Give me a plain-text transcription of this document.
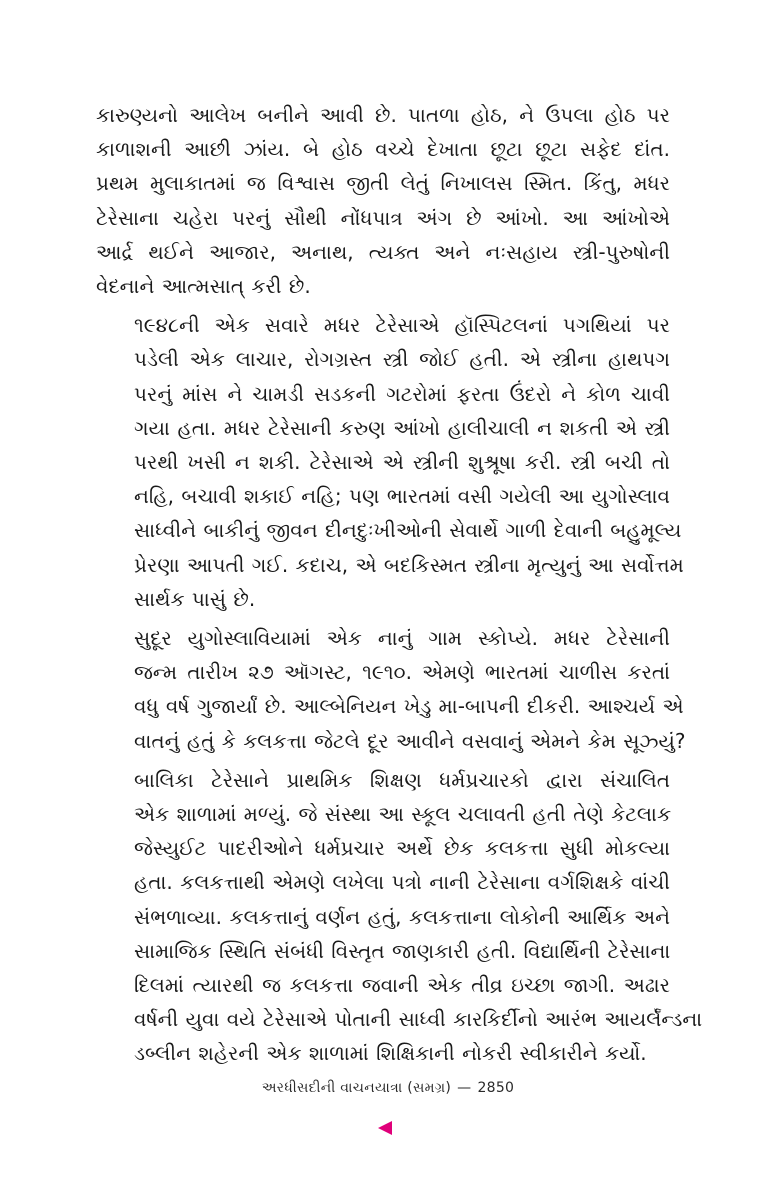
કારુણ્યનો આલેખ બનીને આવી છે. પાતળા હોઠ, ને ઉપલા હોઠ પર
કાળાશની આછી ઝાંય. બે હોઠ વચ્ચે દેખાતા છૂટા છૂટા સફેદ દાંત.
પ્રથમ મુલાકાતમાં જ વિશ્વાસ જીતી લેતું નિખાલસ સ્મિત. કિંતુ, મધર
ટેરેસાના ચહેરા પરનું સૌથી નોંધપાત્ર અંગ છે આંખો. આ આંખોએ
આર્દ્ર થઈને આજાર, અનાથ, ત્યક્ત અને નઃસહાય સ્ત્રી-પુરુષોની
વેદનાને આત્મસાત્ કરી છે.

૧૯૪૮ની એક સવારે મધર ટેરેસાએ હૉસ્પિટલનાં પગથિયાં પર
પડેલી એક લાચાર, રોગગ્રસ્ત સ્ત્રી જોઈ હતી. એ સ્ત્રીના હાથપગ
પરનું માંસ ને ચામડી સડકની ગટરોમાં ફરતા ઉંદરો ને કોળ ચાવી
ગયા હતા. મધર ટેરેસાની કરુણ આંખો હાલીચાલી ન શકતી એ સ્ત્રી
પરથી ખસી ન શકી. ટેરેસાએ એ સ્ત્રીની શુશ્રૂષા કરી. સ્ત્રી બચી તો
નહિ, બચાવી શકાઈ નહિ; પણ ભારતમાં વસી ગયેલી આ યુગોસ્લાવ
સાધ્વીને બાકીનું જીવન દીનદુઃખીઓની સેવાર્થે ગાળી દેવાની બહુમૂલ્ય
પ્રેરણા આપતી ગઈ. કદાચ, એ બદકિસ્મત સ્ત્રીના મૃત્યુનું આ સર્વોત્તમ
સાર્થક પાસું છે.

સુદૂર યુગોસ્લાવિયામાં એક નાનું ગામ સ્કોપ્યે. મધર ટેરેસાની
જન્મ તારીખ ૨૭ ઑગસ્ટ, ૧૯૧૦. એમણે ભારતમાં ચાળીસ કરતાં
વધુ વર્ષ ગુજાર્યાં છે. આલ્બેનિયન ખેડુ મા-બાપની દીકરી. આશ્ચર્ય એ
વાતનું હતું કે કલકત્તા જેટલે દૂર આવીને વસવાનું એમને કેમ સૂઝ્યું?

બાલિકા ટેરેસાને પ્રાથમિક શિક્ષણ ધર્મપ્રચારકો દ્વારા સંચાલિત
એક શાળામાં મળ્યું. જે સંસ્થા આ સ્કૂલ ચલાવતી હતી તેણે કેટલાક
જેસ્યુઈટ પાદરીઓને ધર્મપ્રચાર અર્થે છેક કલકત્તા સુધી મોકલ્યા
હતા. કલકત્તાથી એમણે લખેલા પત્રો નાની ટેરેસાના વર્ગશિક્ષકે વાંચી
સંભળાવ્યા. કલકત્તાનું વર્ણન હતું, કલકત્તાના લોકોની આર્થિક અને
સામાજિક સ્થિતિ સંબંધી વિસ્તૃત જાણકારી હતી. વિદ્યાર્થિની ટેરેસાના
દિલમાં ત્યારથી જ કલકત્તા જવાની એક તીવ્ર ઇચ્છા જાગી. અઢાર
વર્ષની યુવા વયે ટેરેસાએ પોતાની સાધ્વી કારકિર્દીનો આરંભ આયર્લૅન્ડના
ડબ્લીન શહેરની એક શાળામાં શિક્ષિકાની નોકરી સ્વીકારીને કર્યો.

અરધીસદીની વાચનયાત્રા (સમગ્ર) — 2850
